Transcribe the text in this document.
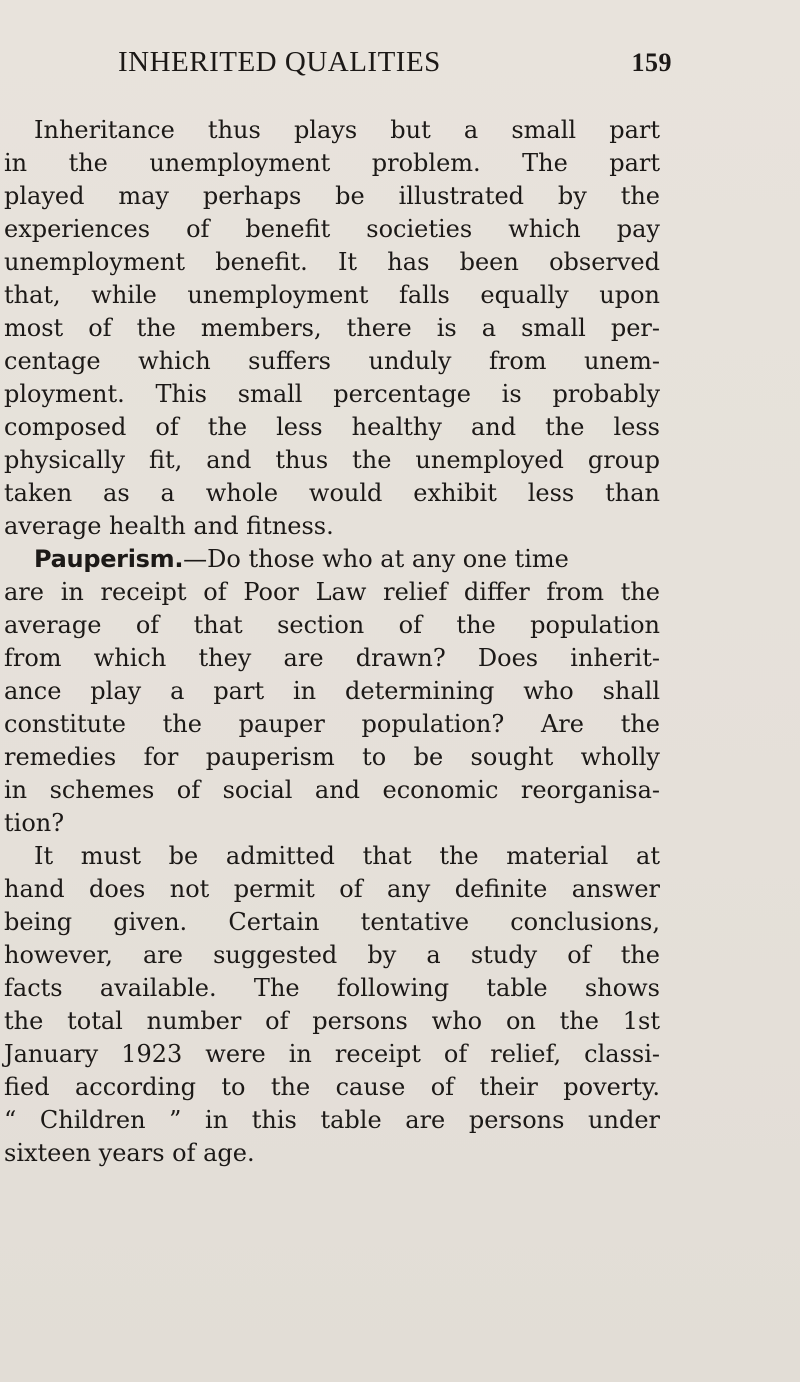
INHERITED QUALITIES	159
Inheritance thus plays but a small part
in the unemployment problem. The part
played may perhaps be illustrated by the
experiences of benefit societies which pay
unemployment benefit. It has been observed
that, while unemployment falls equally upon
most of the members, there is a small per-
centage which suffers unduly from unem-
ployment. This small percentage is probably
composed of the less healthy and the less
physically fit, and thus the unemployed group
taken as a whole would exhibit less than
average health and fitness.
Pauperism.—Do those who at any one time
are in receipt of Poor Law relief differ from the
average of that section of the population
from which they are drawn? Does inherit-
ance play a part in determining who shall
constitute the pauper population? Are the
remedies for pauperism to be sought wholly
in schemes of social and economic reorganisa-
tion?
It must be admitted that the material at
hand does not permit of any definite answer
being given. Certain tentative conclusions,
however, are suggested by a study of the
facts available. The following table shows
the total number of persons who on the 1st
January 1923 were in receipt of relief, classi-
fied according to the cause of their poverty.
“ Children ” in this table are persons under
sixteen years of age.
